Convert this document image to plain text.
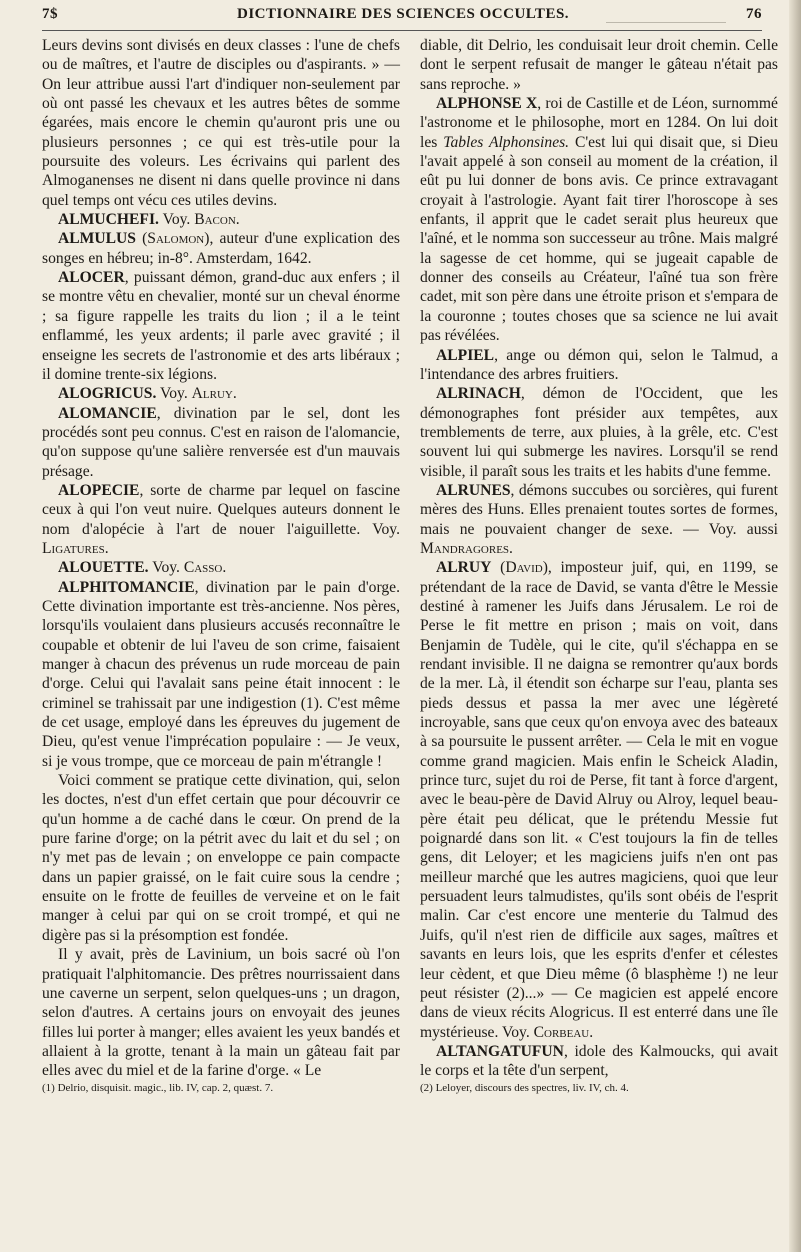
7$	DICTIONNAIRE DES SCIENCES OCCULTES.	76

Leurs devins sont divisés en deux classes : l'une de chefs ou de maîtres, et l'autre de disciples ou d'aspirants. » — On leur attribue aussi l'art d'indiquer non-seulement par où ont passé les chevaux et les autres bêtes de somme égarées, mais encore le chemin qu'auront pris une ou plusieurs personnes ; ce qui est très-utile pour la poursuite des voleurs. Les écrivains qui parlent des Almoganenses ne disent ni dans quelle province ni dans quel temps ont vécu ces utiles devins.

ALMUCHEFI. Voy. Bacon.

ALMULUS (Salomon), auteur d'une explication des songes en hébreu; in-8°. Amsterdam, 1642.

ALOCER, puissant démon, grand-duc aux enfers ; il se montre vêtu en chevalier, monté sur un cheval énorme ; sa figure rappelle les traits du lion ; il a le teint enflammé, les yeux ardents; il parle avec gravité ; il enseigne les secrets de l'astronomie et des arts libéraux ; il domine trente-six légions.

ALOGRICUS. Voy. Alruy.

ALOMANCIE, divination par le sel, dont les procédés sont peu connus. C'est en raison de l'alomancie, qu'on suppose qu'une salière renversée est d'un mauvais présage.

ALOPECIE, sorte de charme par lequel on fascine ceux à qui l'on veut nuire. Quelques auteurs donnent le nom d'alopécie à l'art de nouer l'aiguillette. Voy. Ligatures.

ALOUETTE. Voy. Casso.

ALPHITOMANCIE, divination par le pain d'orge. Cette divination importante est très-ancienne. Nos pères, lorsqu'ils voulaient dans plusieurs accusés reconnaître le coupable et obtenir de lui l'aveu de son crime, faisaient manger à chacun des prévenus un rude morceau de pain d'orge. Celui qui l'avalait sans peine était innocent : le criminel se trahissait par une indigestion (1). C'est même de cet usage, employé dans les épreuves du jugement de Dieu, qu'est venue l'imprécation populaire : — Je veux, si je vous trompe, que ce morceau de pain m'étrangle !

Voici comment se pratique cette divination, qui, selon les doctes, n'est d'un effet certain que pour découvrir ce qu'un homme a de caché dans le cœur. On prend de la pure farine d'orge; on la pétrit avec du lait et du sel ; on n'y met pas de levain ; on enveloppe ce pain compacte dans un papier graissé, on le fait cuire sous la cendre ; ensuite on le frotte de feuilles de verveine et on le fait manger à celui par qui on se croit trompé, et qui ne digère pas si la présomption est fondée.

Il y avait, près de Lavinium, un bois sacré où l'on pratiquait l'alphitomancie. Des prêtres nourrissaient dans une caverne un serpent, selon quelques-uns ; un dragon, selon d'autres. A certains jours on envoyait des jeunes filles lui porter à manger; elles avaient les yeux bandés et allaient à la grotte, tenant à la main un gâteau fait par elles avec du miel et de la farine d'orge. « Le

(1) Delrio, disquisit. magic., lib. IV, cap. 2, quæst. 7.

diable, dit Delrio, les conduisait leur droit chemin. Celle dont le serpent refusait de manger le gâteau n'était pas sans reproche. »

ALPHONSE X, roi de Castille et de Léon, surnommé l'astronome et le philosophe, mort en 1284. On lui doit les Tables Alphonsines. C'est lui qui disait que, si Dieu l'avait appelé à son conseil au moment de la création, il eût pu lui donner de bons avis. Ce prince extravagant croyait à l'astrologie. Ayant fait tirer l'horoscope à ses enfants, il apprit que le cadet serait plus heureux que l'aîné, et le nomma son successeur au trône. Mais malgré la sagesse de cet homme, qui se jugeait capable de donner des conseils au Créateur, l'aîné tua son frère cadet, mit son père dans une étroite prison et s'empara de la couronne ; toutes choses que sa science ne lui avait pas révélées.

ALPIEL, ange ou démon qui, selon le Talmud, a l'intendance des arbres fruitiers.

ALRINACH, démon de l'Occident, que les démonographes font présider aux tempêtes, aux tremblements de terre, aux pluies, à la grêle, etc. C'est souvent lui qui submerge les navires. Lorsqu'il se rend visible, il paraît sous les traits et les habits d'une femme.

ALRUNES, démons succubes ou sorcières, qui furent mères des Huns. Elles prenaient toutes sortes de formes, mais ne pouvaient changer de sexe. — Voy. aussi Mandragores.

ALRUY (David), imposteur juif, qui, en 1199, se prétendant de la race de David, se vanta d'être le Messie destiné à ramener les Juifs dans Jérusalem. Le roi de Perse le fit mettre en prison ; mais on voit, dans Benjamin de Tudèle, qui le cite, qu'il s'échappa en se rendant invisible. Il ne daigna se remontrer qu'aux bords de la mer. Là, il étendit son écharpe sur l'eau, planta ses pieds dessus et passa la mer avec une légèreté incroyable, sans que ceux qu'on envoya avec des bateaux à sa poursuite le pussent arrêter. — Cela le mit en vogue comme grand magicien. Mais enfin le Scheick Aladin, prince turc, sujet du roi de Perse, fit tant à force d'argent, avec le beau-père de David Alruy ou Alroy, lequel beau-père était peu délicat, que le prétendu Messie fut poignardé dans son lit. « C'est toujours la fin de telles gens, dit Leloyer; et les magiciens juifs n'en ont pas meilleur marché que les autres magiciens, quoi que leur persuadent leurs talmudistes, qu'ils sont obéis de l'esprit malin. Car c'est encore une menterie du Talmud des Juifs, qu'il n'est rien de difficile aux sages, maîtres et savants en leurs lois, que les esprits d'enfer et célestes leur cèdent, et que Dieu même (ô blasphème !) ne leur peut résister (2)...» — Ce magicien est appelé encore dans de vieux récits Alogricus. Il est enterré dans une île mystérieuse. Voy. Corbeau.

ALTANGATUFUN, idole des Kalmoucks, qui avait le corps et la tête d'un serpent,

(2) Leloyer, discours des spectres, liv. IV, ch. 4.
